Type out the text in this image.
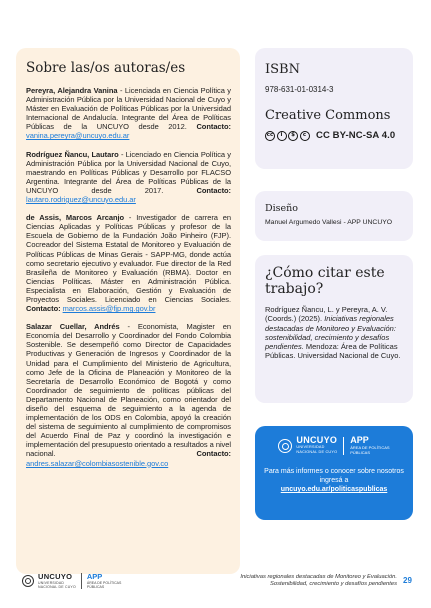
Sobre las/os autoras/es
Pereyra, Alejandra Vanina - Licenciada en Ciencia Política y Administración Pública por la Universidad Nacional de Cuyo y Máster en Evaluación de Políticas Públicas por la Universidad Internacional de Andalucía. Integrante del Área de Políticas Públicas de la UNCUYO desde 2012. Contacto: vanina.pereyra@uncuyo.edu.ar
Rodríguez Ñancu, Lautaro - Licenciado en Ciencia Política y Administración Pública por la Universidad Nacional de Cuyo, maestrando en Políticas Públicas y Desarrollo por FLACSO Argentina. Integrante del Área de Políticas Públicas de la UNCUYO desde 2017.	Contacto: lautaro.rodriguez@uncuyo.edu.ar
de Assis, Marcos Arcanjo - Investigador de carrera en Ciencias Aplicadas y Políticas Públicas y profesor de la Escuela de Gobierno de la Fundación João Pinheiro (FJP). Cocreador del Sistema Estatal de Monitoreo y Evaluación de Políticas Públicas de Minas Gerais - SAPP-MG, donde actúa como secretario ejecutivo y evaluador. Fue director de la Red Brasileña de Monitoreo y Evaluación (RBMA). Doctor en Ciencias Políticas. Máster en Administración Pública. Especialista en Elaboración, Gestión y Evaluación de Proyectos Sociales. Licenciado en Ciencias Sociales. Contacto: marcos.assis@fjp.mg.gov.br
Salazar Cuellar, Andrés - Economista, Magister en Economía del Desarrollo y Coordinador del Fondo Colombia Sostenible. Se desempeñó como Director de Capacidades Productivas y Generación de Ingresos y Coordinador de la Unidad para el Cumplimiento del Ministerio de Agricultura, como Jefe de la Oficina de Planeación y Monitoreo de la Secretaría de Desarrollo Económico de Bogotá y como Coordinador de seguimiento de políticas públicas del Departamento Nacional de Planeación, como orientador del diseño del esquema de seguimiento a la agenda de implementación de los ODS en Colombia, apoyó la creación del sistema de seguimiento al cumplimiento de compromisos del Acuerdo Final de Paz y coordinó la investigación e implementación del presupuesto orientado a resultados a nivel nacional.	Contacto: andres.salazar@colombiasostenible.gov.co
ISBN
978-631-01-0314-3
Creative Commons
cc	i	$	c	CC BY-NC-SA 4.0
Diseño
Manuel Argumedo Vallesi - APP UNCUYO
¿Cómo citar este trabajo?

Rodríguez Ñancu, L. y Pereyra, A. V. (Coords.) (2025). Iniciativas regionales destacadas de Monitoreo y Evaluación: sostenibilidad, crecimiento y desafíos pendientes. Mendoza: Área de Políticas Públicas. Universidad Nacional de Cuyo.

UNCUYO
UNIVERSIDAD
NACIONAL DE CUYO
APP
ÁREA DE POLÍTICAS
PÚBLICAS
Para más informes o conocer sobre nosotros ingresá a
uncuyo.edu.ar/politicaspublicas
UNCUYO
UNIVERSIDAD
NACIONAL DE CUYO
APP
ÁREA DE POLÍTICAS
PÚBLICAS
Iniciativas regionales destacadas de Monitoreo y Evaluación.
Sostenibilidad, crecimiento y desafíos pendientes 29
